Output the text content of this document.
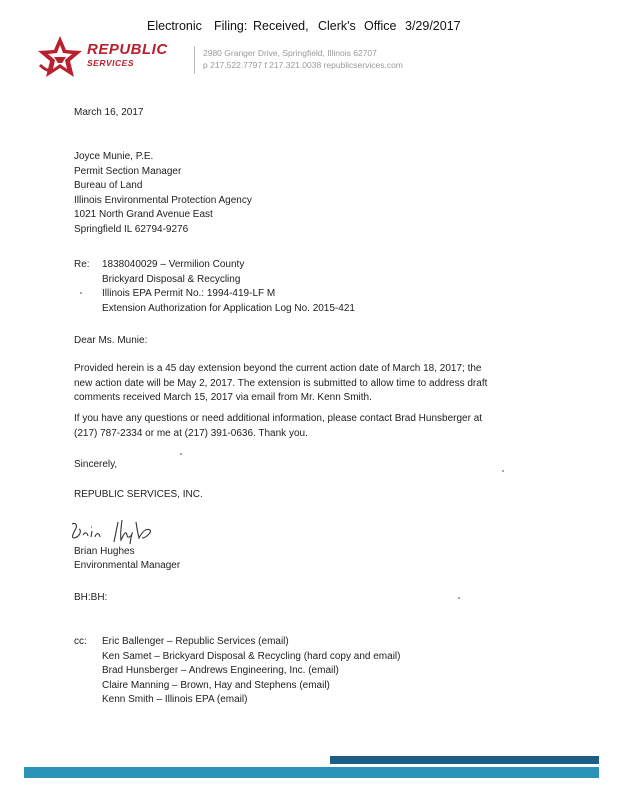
Electronic Filing: Received, Clerk's Office 3/29/2017
REPUBLIC
SERVICES
2980 Granger Drive, Springfield, Illinois 62707
p 217.522.7797 f 217.321.0038 republicservices.com
March 16, 2017
Joyce Munie, P.E.
Permit Section Manager
Bureau of Land
Illinois Environmental Protection Agency
1021 North Grand Avenue East
Springfield IL 62794-9276
Re: 1838040029 – Vermilion County
Brickyard Disposal & Recycling
Illinois EPA Permit No.: 1994-419-LF M
Extension Authorization for Application Log No. 2015-421
Dear Ms. Munie:
Provided herein is a 45 day extension beyond the current action date of March 18, 2017; the
new action date will be May 2, 2017. The extension is submitted to allow time to address draft
comments received March 15, 2017 via email from Mr. Kenn Smith.
If you have any questions or need additional information, please contact Brad Hunsberger at
(217) 787-2334 or me at (217) 391-0636. Thank you.
Sincerely,
REPUBLIC SERVICES, INC.
Brian Hughes
Environmental Manager
BH:BH:
cc: Eric Ballenger – Republic Services (email)
Ken Samet – Brickyard Disposal & Recycling (hard copy and email)
Brad Hunsberger – Andrews Engineering, Inc. (email)
Claire Manning – Brown, Hay and Stephens (email)
Kenn Smith – Illinois EPA (email)
